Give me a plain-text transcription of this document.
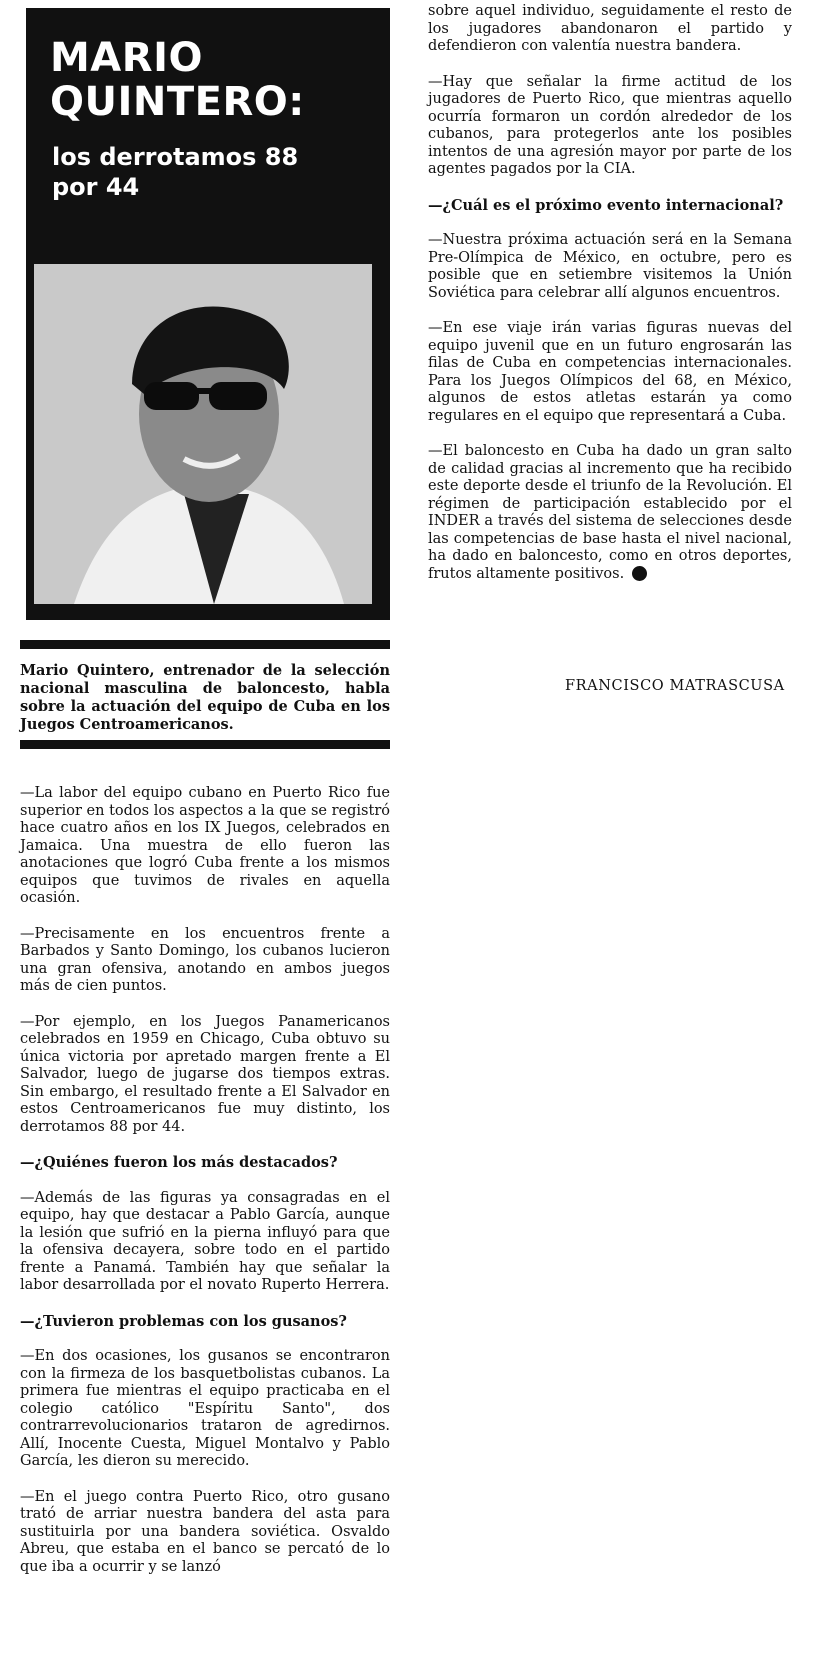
MARIO QUINTERO:
los derrotamos 88 por 44

Mario Quintero, entrenador de la selección nacional masculina de baloncesto, habla sobre la actuación del equipo de Cuba en los Juegos Centroamericanos.

—La labor del equipo cubano en Puerto Rico fue superior en todos los aspectos a la que se registró hace cuatro años en los IX Juegos, celebrados en Jamaica. Una muestra de ello fueron las anotaciones que logró Cuba frente a los mismos equipos que tuvimos de rivales en aquella ocasión.

—Precisamente en los encuentros frente a Barbados y Santo Domingo, los cubanos lucieron una gran ofensiva, anotando en ambos juegos más de cien puntos.

—Por ejemplo, en los Juegos Panamericanos celebrados en 1959 en Chicago, Cuba obtuvo su única victoria por apretado margen frente a El Salvador, luego de jugarse dos tiempos extras. Sin embargo, el resultado frente a El Salvador en estos Centroamericanos fue muy distinto, los derrotamos 88 por 44.

—¿Quiénes fueron los más destacados?

—Además de las figuras ya consagradas en el equipo, hay que destacar a Pablo García, aunque la lesión que sufrió en la pierna influyó para que la ofensiva decayera, sobre todo en el partido frente a Panamá. También hay que señalar la labor desarrollada por el novato Ruperto Herrera.

—¿Tuvieron problemas con los gusanos?

—En dos ocasiones, los gusanos se encontraron con la firmeza de los basquetbolistas cubanos. La primera fue mientras el equipo practicaba en el colegio católico "Espíritu Santo", dos contrarrevolucionarios trataron de agredirnos. Allí, Inocente Cuesta, Miguel Montalvo y Pablo García, les dieron su merecido.

—En el juego contra Puerto Rico, otro gusano trató de arriar nuestra bandera del asta para sustituirla por una bandera soviética. Osvaldo Abreu, que estaba en el banco se percató de lo que iba a ocurrir y se lanzó

sobre aquel individuo, seguidamente el resto de los jugadores abandonaron el partido y defendieron con valentía nuestra bandera.

—Hay que señalar la firme actitud de los jugadores de Puerto Rico, que mientras aquello ocurría formaron un cordón alrededor de los cubanos, para protegerlos ante los posibles intentos de una agresión mayor por parte de los agentes pagados por la CIA.

—¿Cuál es el próximo evento internacional?

—Nuestra próxima actuación será en la Semana Pre-Olímpica de México, en octubre, pero es posible que en setiembre visitemos la Unión Soviética para celebrar allí algunos encuentros.

—En ese viaje irán varias figuras nuevas del equipo juvenil que en un futuro engrosarán las filas de Cuba en competencias internacionales. Para los Juegos Olímpicos del 68, en México, algunos de estos atletas estarán ya como regulares en el equipo que representará a Cuba.

—El baloncesto en Cuba ha dado un gran salto de calidad gracias al incremento que ha recibido este deporte desde el triunfo de la Revolución. El régimen de participación establecido por el INDER a través del sistema de selecciones desde las competencias de base hasta el nivel nacional, ha dado en baloncesto, como en otros deportes, frutos altamente positivos.

FRANCISCO MATRASCUSA
